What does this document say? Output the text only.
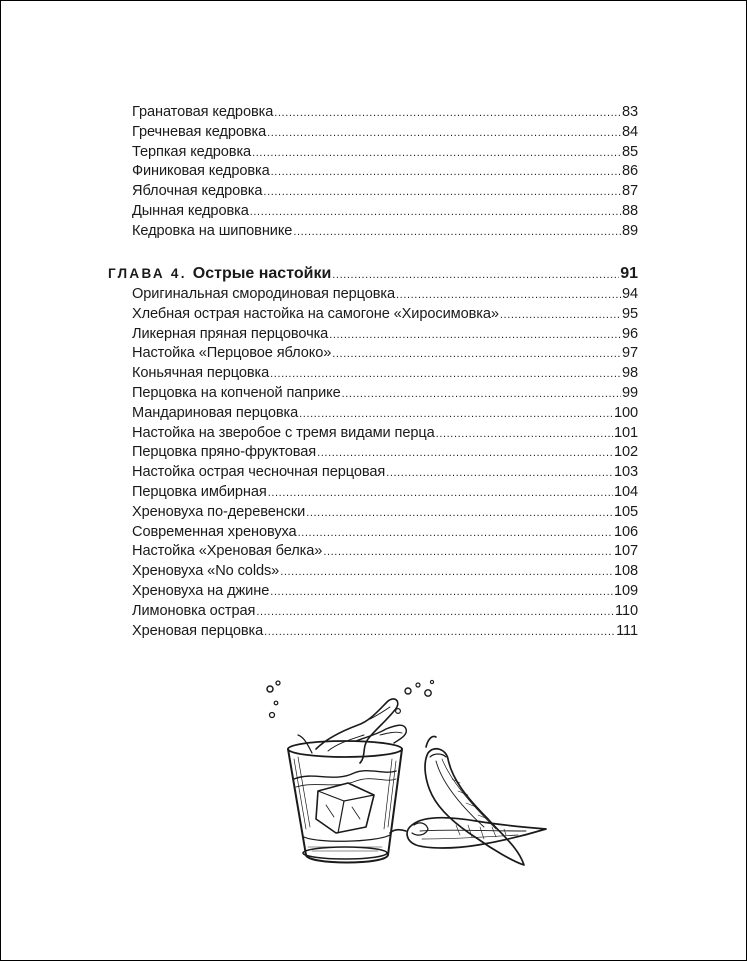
Гранатовая кедровка .....	83
Гречневая кедровка .....	84
Терпкая кедровка .....	85
Финиковая кедровка .....	86
Яблочная кедровка .....	87
Дынная кедровка .....	88
Кедровка на шиповнике .....	89
ГЛАВА 4. Острые настойки .....	91
Оригинальная смородиновая перцовка .....	94
Хлебная острая настойка на самогоне «Хиросимовка» .....	95
Ликерная пряная перцовочка .....	96
Настойка «Перцовое яблоко» .....	97
Коньячная перцовка .....	98
Перцовка на копченой паприке .....	99
Мандариновая перцовка .....	100
Настойка на зверобое с тремя видами перца .....	101
Перцовка пряно-фруктовая .....	102
Настойка острая чесночная перцовая .....	103
Перцовка имбирная .....	104
Хреновуха по-деревенски .....	105
Современная хреновуха .....	106
Настойка «Хреновая белка» .....	107
Хреновуха «No colds» .....	108
Хреновуха на джине .....	109
Лимоновка острая .....	110
Хреновая перцовка .....	111
